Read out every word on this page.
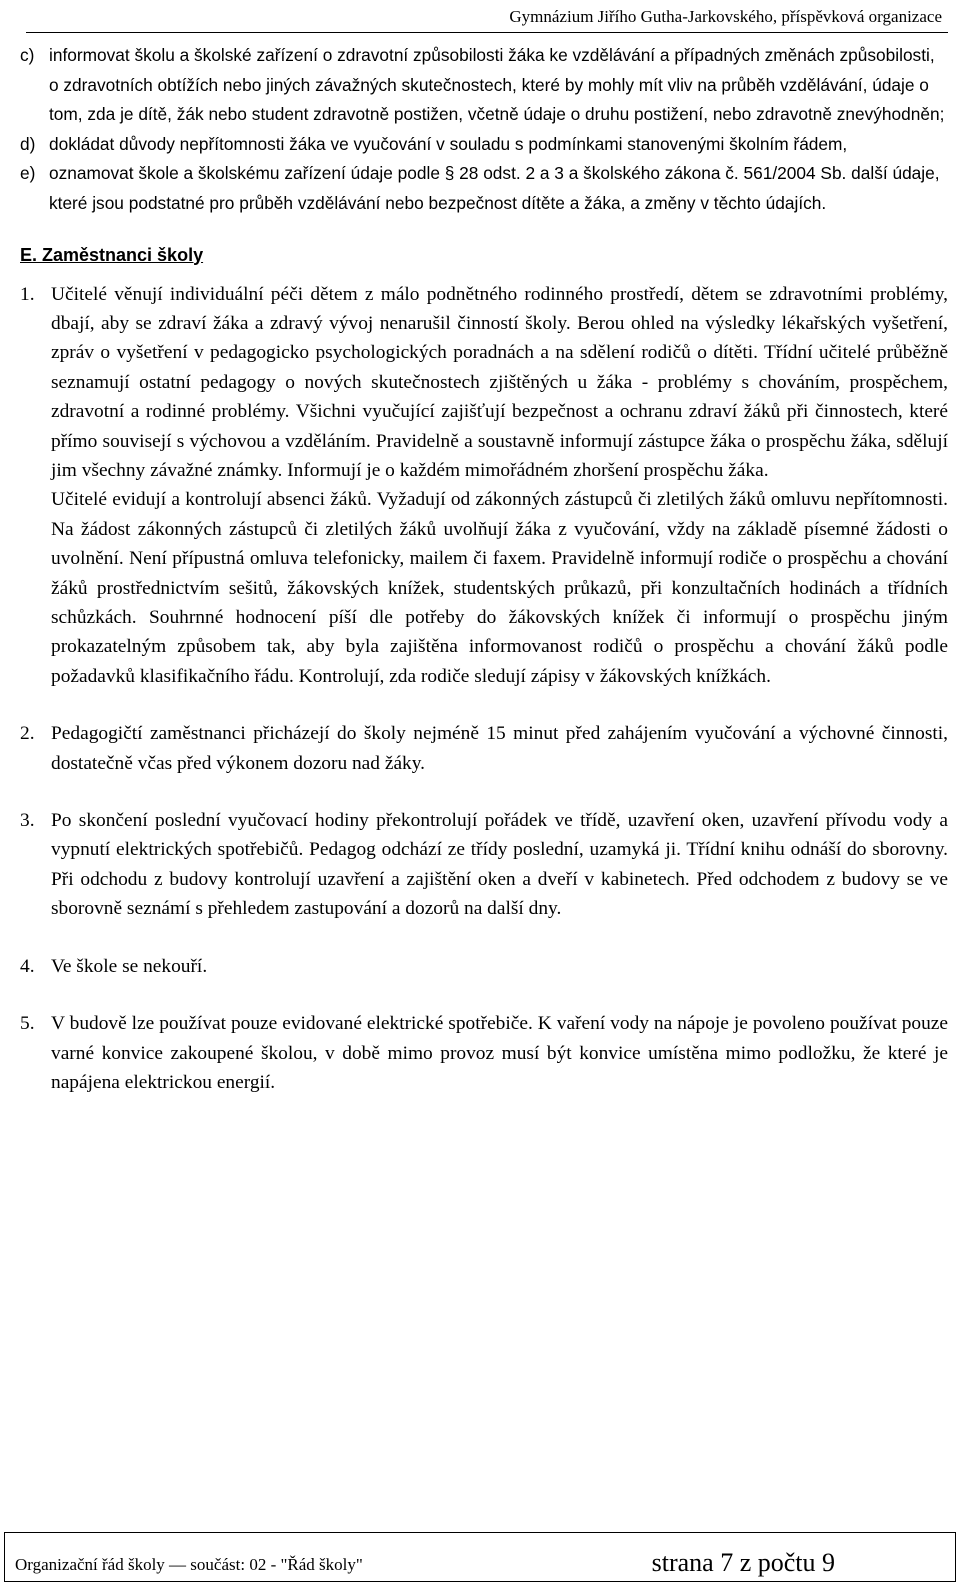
Gymnázium Jiřího Gutha-Jarkovského, příspěvková organizace
c) informovat školu a školské zařízení o zdravotní způsobilosti žáka ke vzdělávání a případných změnách způsobilosti, o zdravotních obtížích nebo jiných závažných skutečnostech, které by mohly mít vliv na průběh vzdělávání, údaje o tom, zda je dítě, žák nebo student zdravotně postižen, včetně údaje o druhu postižení, nebo zdravotně znevýhodněn;
d) dokládat důvody nepřítomnosti žáka ve vyučování v souladu s podmínkami stanovenými školním řádem,
e) oznamovat škole a školskému zařízení údaje podle § 28 odst. 2 a 3 a školského zákona č. 561/2004 Sb. další údaje, které jsou podstatné pro průběh vzdělávání nebo bezpečnost dítěte a žáka, a změny v těchto údajích.
E. Zaměstnanci školy
1. Učitelé věnují individuální péči dětem z málo podnětného rodinného prostředí, dětem se zdravotními problémy, dbají, aby se zdraví žáka a zdravý vývoj nenarušil činností školy. Berou ohled na výsledky lékařských vyšetření, zpráv o vyšetření v pedagogicko psychologických poradnách a na sdělení rodičů o dítěti. Třídní učitelé průběžně seznamují ostatní pedagogy o nových skutečnostech zjištěných u žáka - problémy s chováním, prospěchem, zdravotní a rodinné problémy. Všichni vyučující zajišťují bezpečnost a ochranu zdraví žáků při činnostech, které přímo souvisejí s výchovou a vzděláním. Pravidelně a soustavně informují zástupce žáka o prospěchu žáka, sdělují jim všechny závažné známky. Informují je o každém mimořádném zhoršení prospěchu žáka.

Učitelé evidují a kontrolují absenci žáků. Vyžadují od zákonných zástupců či zletilých žáků omluvu nepřítomnosti. Na žádost zákonných zástupců či zletilých žáků uvolňují žáka z vyučování, vždy na základě písemné žádosti o uvolnění. Není přípustná omluva telefonicky, mailem či faxem. Pravidelně informují rodiče o prospěchu a chování žáků prostřednictvím sešitů, žákovských knížek, studentských průkazů, při konzultačních hodinách a třídních schůzkách. Souhrnné hodnocení píší dle potřeby do žákovských knížek či informují o prospěchu jiným prokazatelným způsobem tak, aby byla zajištěna informovanost rodičů o prospěchu a chování žáků podle požadavků klasifikačního řádu. Kontrolují, zda rodiče sledují zápisy v žákovských knížkách.

2. Pedagogičtí zaměstnanci přicházejí do školy nejméně 15 minut před zahájením vyučování a výchovné činnosti, dostatečně včas před výkonem dozoru nad žáky.

3. Po skončení poslední vyučovací hodiny překontrolují pořádek ve třídě, uzavření oken, uzavření přívodu vody a vypnutí elektrických spotřebičů. Pedagog odchází ze třídy poslední, uzamyká ji. Třídní knihu odnáší do sborovny. Při odchodu z budovy kontrolují uzavření a zajištění oken a dveří v kabinetech. Před odchodem z budovy se ve sborovně seznámí s přehledem zastupování a dozorů na další dny.

4. Ve škole se nekouří.

5. V budově lze používat pouze evidované elektrické spotřebiče. K vaření vody na nápoje je povoleno používat pouze varné konvice zakoupené školou, v době mimo provoz musí být konvice umístěna mimo podložku, že které je napájena elektrickou energií.

Organizační řád školy — součást: 02 - "Řád školy"	strana 7 z počtu 9
